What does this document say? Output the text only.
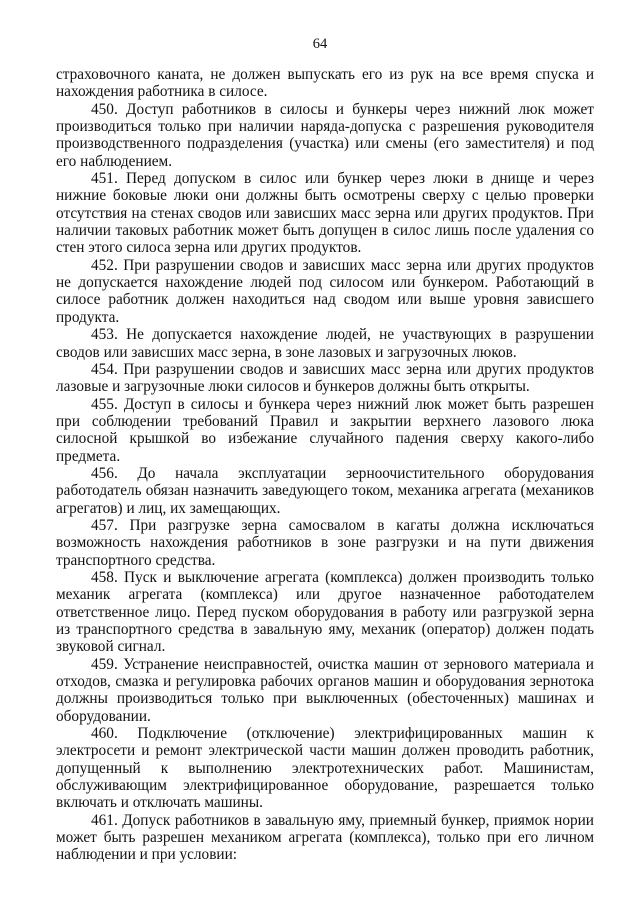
64

страховочного каната, не должен выпускать его из рук на все время спуска и нахождения работника в силосе.

450. Доступ работников в силосы и бункеры через нижний люк может производиться только при наличии наряда-допуска с разрешения руководителя производственного подразделения (участка) или смены (его заместителя) и под его наблюдением.

451. Перед допуском в силос или бункер через люки в днище и через нижние боковые люки они должны быть осмотрены сверху с целью проверки отсутствия на стенах сводов или зависших масс зерна или других продуктов. При наличии таковых работник может быть допущен в силос лишь после удаления со стен этого силоса зерна или других продуктов.

452. При разрушении сводов и зависших масс зерна или других продуктов не допускается нахождение людей под силосом или бункером. Работающий в силосе работник должен находиться над сводом или выше уровня зависшего продукта.

453. Не допускается нахождение людей, не участвующих в разрушении сводов или зависших масс зерна, в зоне лазовых и загрузочных люков.

454. При разрушении сводов и зависших масс зерна или других продуктов лазовые и загрузочные люки силосов и бункеров должны быть открыты.

455. Доступ в силосы и бункера через нижний люк может быть разрешен при соблюдении требований Правил и закрытии верхнего лазового люка силосной крышкой во избежание случайного падения сверху какого-либо предмета.

456. До начала эксплуатации зерноочистительного оборудования работодатель обязан назначить заведующего током, механика агрегата (механиков агрегатов) и лиц, их замещающих.

457. При разгрузке зерна самосвалом в кагаты должна исключаться возможность нахождения работников в зоне разгрузки и на пути движения транспортного средства.

458. Пуск и выключение агрегата (комплекса) должен производить только механик агрегата (комплекса) или другое назначенное работодателем ответственное лицо. Перед пуском оборудования в работу или разгрузкой зерна из транспортного средства в завальную яму, механик (оператор) должен подать звуковой сигнал.

459. Устранение неисправностей, очистка машин от зернового материала и отходов, смазка и регулировка рабочих органов машин и оборудования зернотока должны производиться только при выключенных (обесточенных) машинах и оборудовании.

460. Подключение (отключение) электрифицированных машин к электросети и ремонт электрической части машин должен проводить работник, допущенный к выполнению электротехнических работ. Машинистам, обслуживающим электрифицированное оборудование, разрешается только включать и отключать машины.

461. Допуск работников в завальную яму, приемный бункер, приямок нории может быть разрешен механиком агрегата (комплекса), только при его личном наблюдении и при условии:
